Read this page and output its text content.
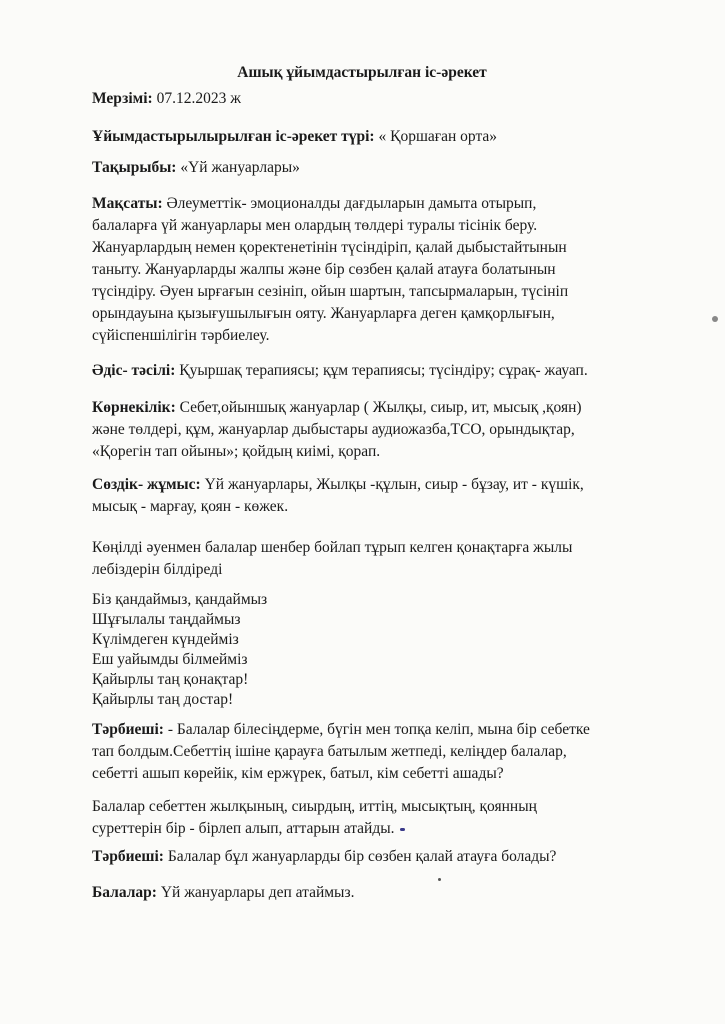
Ашық ұйымдастырылған іс-әрекет
Мерзімі: 07.12.2023 ж
Ұйымдастырылырылған іс-әрекет түрі: « Қоршаған орта»
Тақырыбы: «Үй жануарлары»
Мақсаты: Әлеуметтік- эмоционалды дағдыларын дамыта отырып,
балаларға үй жануарлары мен олардың төлдері туралы тісінік беру.
Жануарлардың немен қоректенетінін түсіндіріп, қалай дыбыстайтынын
таныту. Жануарларды жалпы және бір сөзбен қалай атауға болатынын
түсіндіру. Әуен ырғағын сезініп, ойын шартын, тапсырмаларын, түсініп
орындауына қызығушылығын ояту. Жануарларға деген қамқорлығын,
сүйіспеншілігін тәрбиелеу.
Әдіс- тәсілі: Қуыршақ терапиясы; құм терапиясы; түсіндіру; сұрақ- жауап.
Көрнекілік: Себет,ойыншық жануарлар ( Жылқы, сиыр, ит, мысық ,қоян)
және төлдері, құм, жануарлар дыбыстары аудиожазба,ТСО, орындықтар,
«Қорегін тап ойыны»; қойдың киімі, қорап.
Сөздік- жұмыс: Үй жануарлары, Жылқы -құлын, сиыр - бұзау, ит - күшік,
мысық - марғау, қоян - көжек.
Көңілді әуенмен балалар шенбер бойлап тұрып келген қонақтарға жылы
лебіздерін білдіреді
Біз қандаймыз, қандаймыз
Шұғылалы таңдаймыз
Күлімдеген күндейміз
Еш уайымды білмейміз
Қайырлы таң қонақтар!
Қайырлы таң достар!
Тәрбиеші: - Балалар білесіңдерме, бүгін мен топқа келіп, мына бір себетке
тап болдым.Себеттің ішіне қарауға батылым жетпеді, келіңдер балалар,
себетті ашып көрейік, кім ержүрек, батыл, кім себетті ашады?
Балалар себеттен жылқының, сиырдың, иттің, мысықтың, қоянның
суреттерін бір - бірлеп алып, аттарын атайды.
Тәрбиеші: Балалар бұл жануарларды бір сөзбен қалай атауға болады?
Балалар: Үй жануарлары деп атаймыз.
